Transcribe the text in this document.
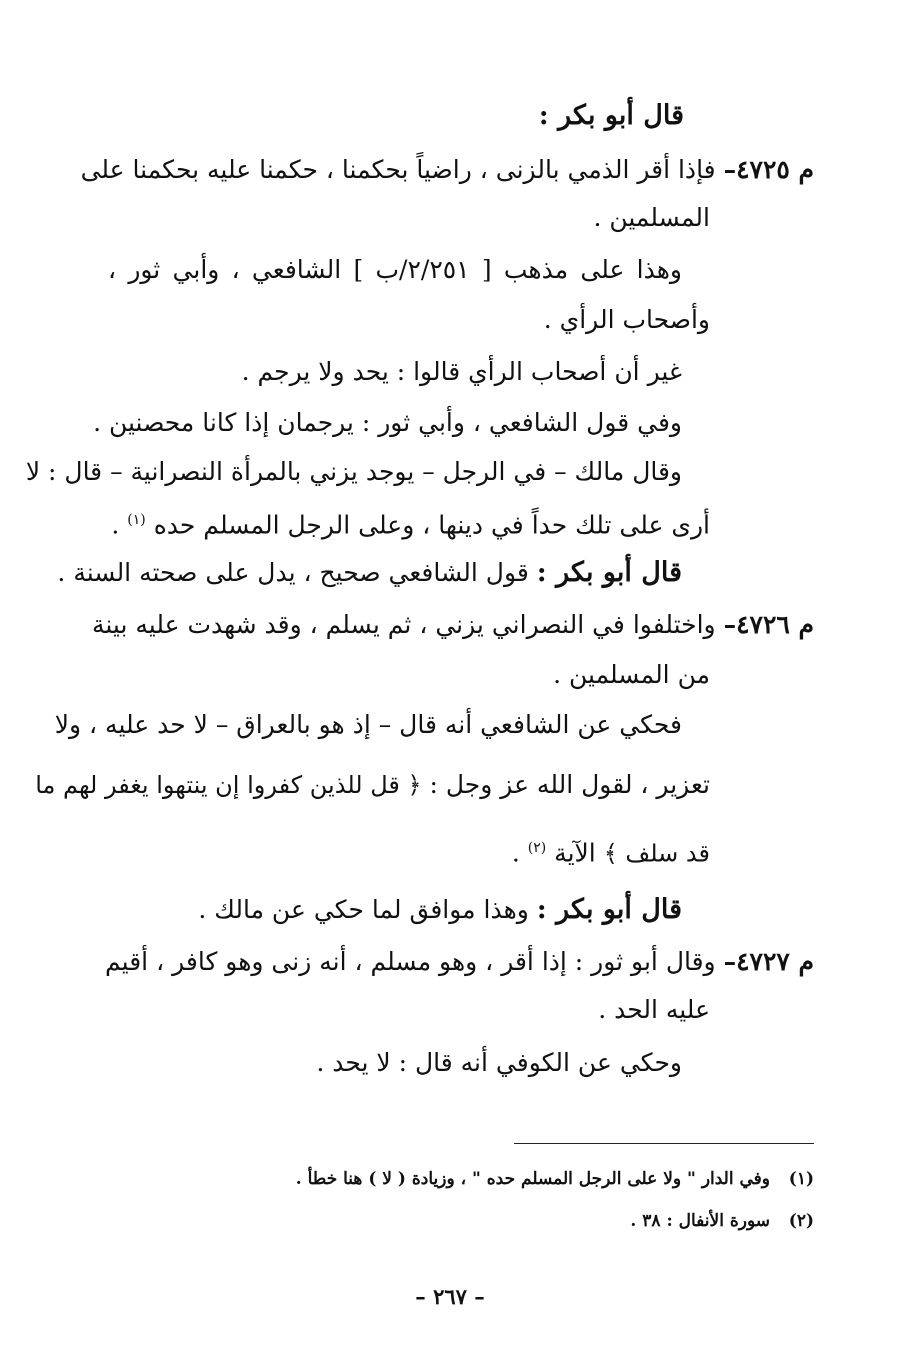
قال أبو بكر :
م ٤٧٢٥– فإذا أقر الذمي بالزنى ، راضياً بحكمنا ، حكمنا عليه بحكمنا على
المسلمين .
وهذا على مذهب [ ٢/٢٥١/ب ] الشافعي ، وأبي ثور ،
وأصحاب الرأي .
غير أن أصحاب الرأي قالوا : يحد ولا يرجم .
وفي قول الشافعي ، وأبي ثور : يرجمان إذا كانا محصنين .
وقال مالك – في الرجل – يوجد يزني بالمرأة النصرانية – قال : لا
أرى على تلك حداً في دينها ، وعلى الرجل المسلم حده $^{(١)}$ .
قال أبو بكر : قول الشافعي صحيح ، يدل على صحته السنة .
م ٤٧٢٦– واختلفوا في النصراني يزني ، ثم يسلم ، وقد شهدت عليه بينة
من المسلمين .
فحكي عن الشافعي أنه قال – إذ هو بالعراق – لا حد عليه ، ولا
تعزير ، لقول الله عز وجل : ﴿ قل للذين كفروا إن ينتهوا يغفر لهم ما
قد سلف ﴾ الآية $^{(٢)}$ .
قال أبو بكر : وهذا موافق لما حكي عن مالك .
م ٤٧٢٧– وقال أبو ثور : إذا أقر ، وهو مسلم ، أنه زنى وهو كافر ، أقيم
عليه الحد .
وحكي عن الكوفي أنه قال : لا يحد .
(١)وفي الدار " ولا على الرجل المسلم حده " ، وزيادة ( لا ) هنا خطأ .
(٢)سورة الأنفال : ٣٨ .
– ٢٦٧ –
